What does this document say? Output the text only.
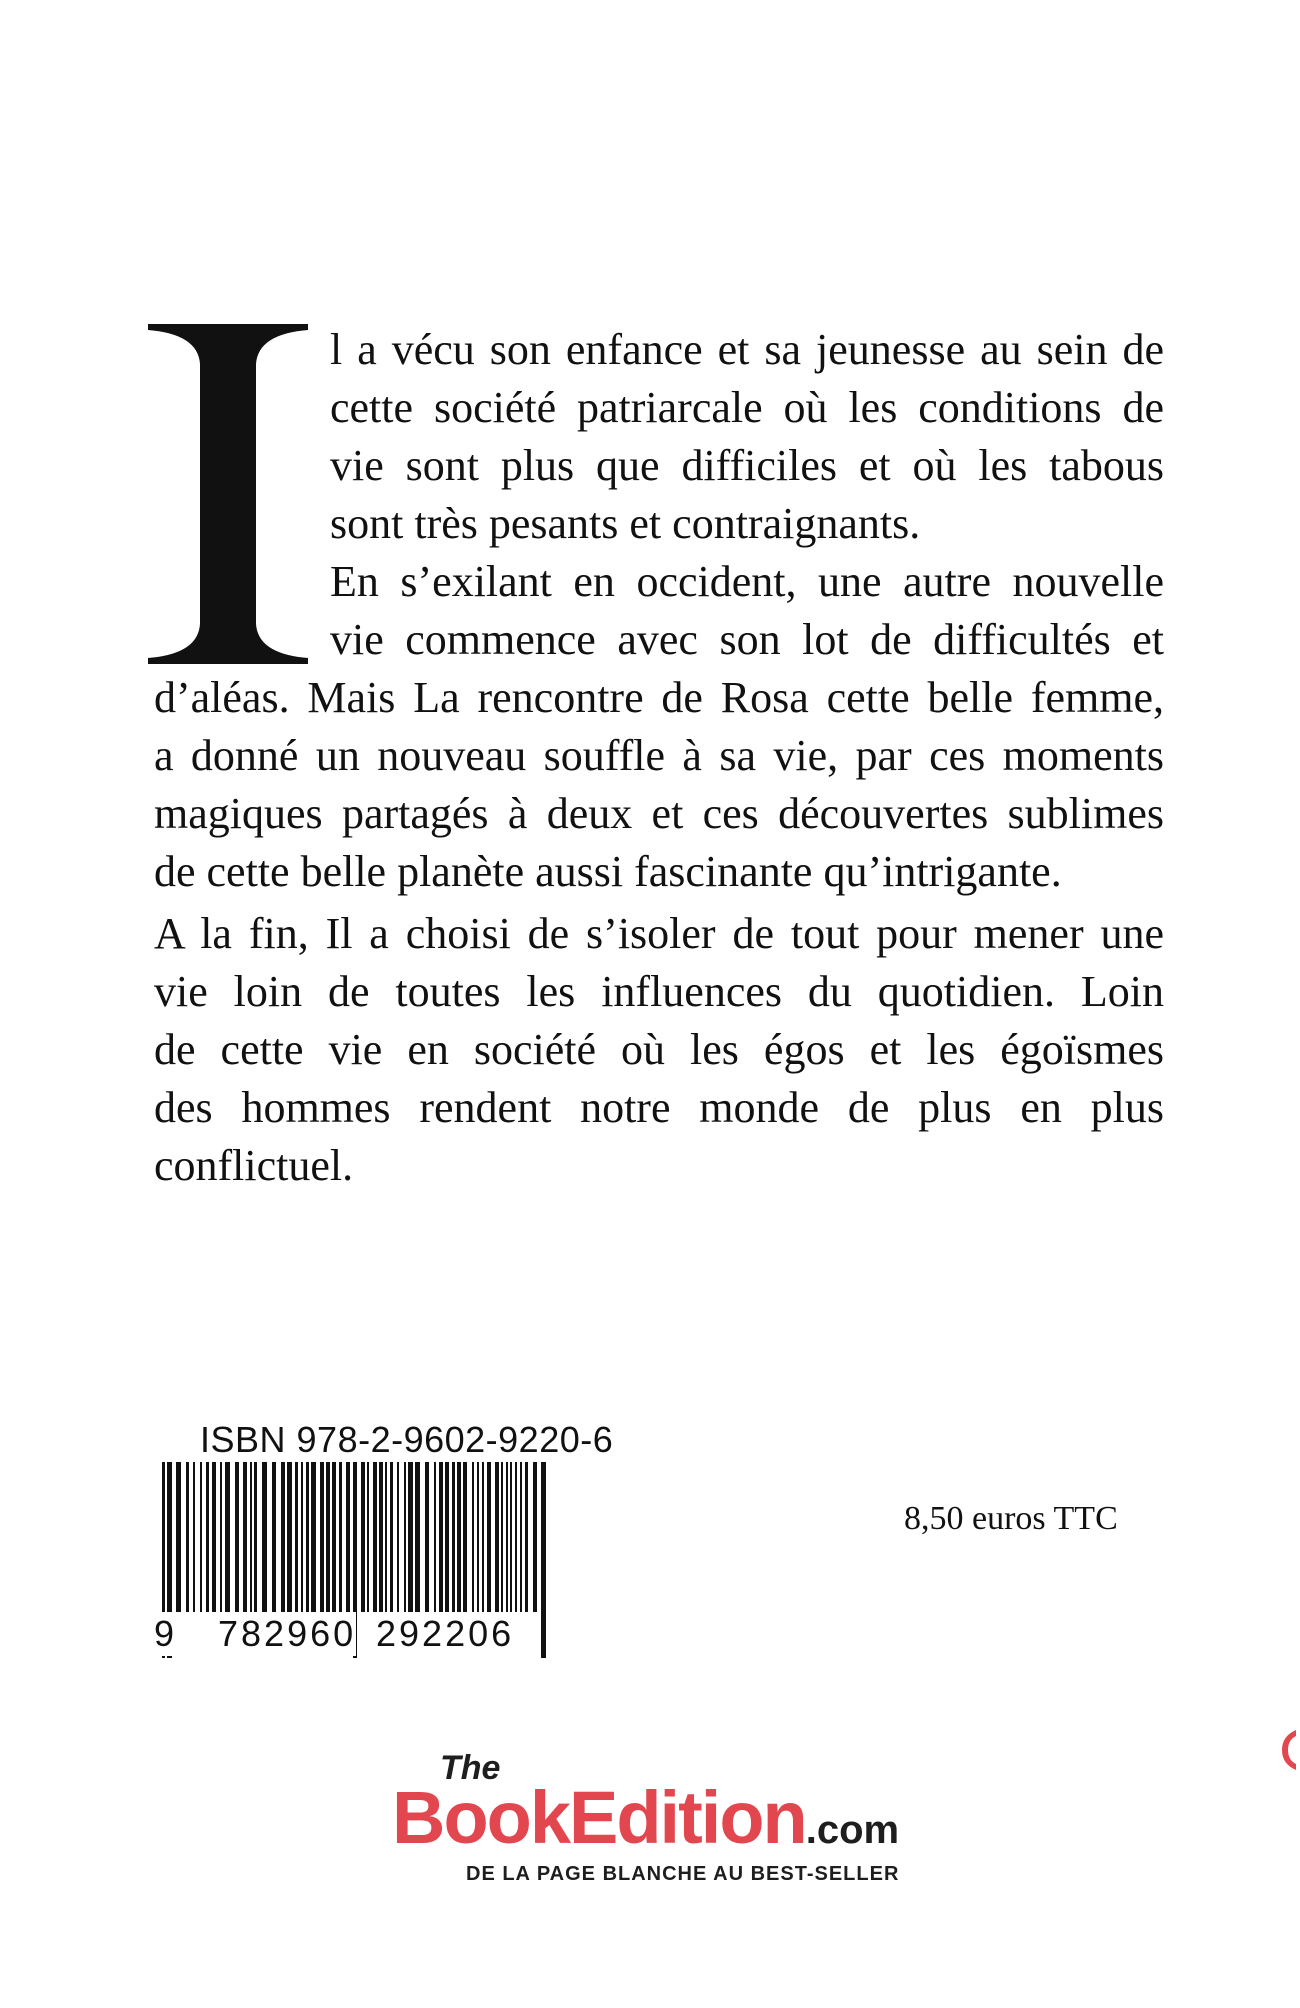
l a vécu son enfance et sa jeunesse au sein de
cette société patriarcale où les conditions de
vie sont plus que difficiles et où les tabous
sont très pesants et contraignants.
En s’exilant en occident, une autre nouvelle
vie commence avec son lot de difficultés et
d’aléas. Mais La rencontre de Rosa cette belle femme,
a donné un nouveau souffle à sa vie, par ces moments
magiques partagés à deux et ces découvertes sublimes
de cette belle planète aussi fascinante qu’intrigante.
A la fin, Il a choisi de s’isoler de tout pour mener une
vie loin de toutes les influences du quotidien. Loin
de cette vie en société où les égos et les égoïsmes
des hommes rendent notre monde de plus en plus
conflictuel.
ISBN 978-2-9602-9220-6
9 782960 292206
8,50 euros TTC
The
BookEdition.com
DE LA PAGE BLANCHE AU BEST-SELLER
